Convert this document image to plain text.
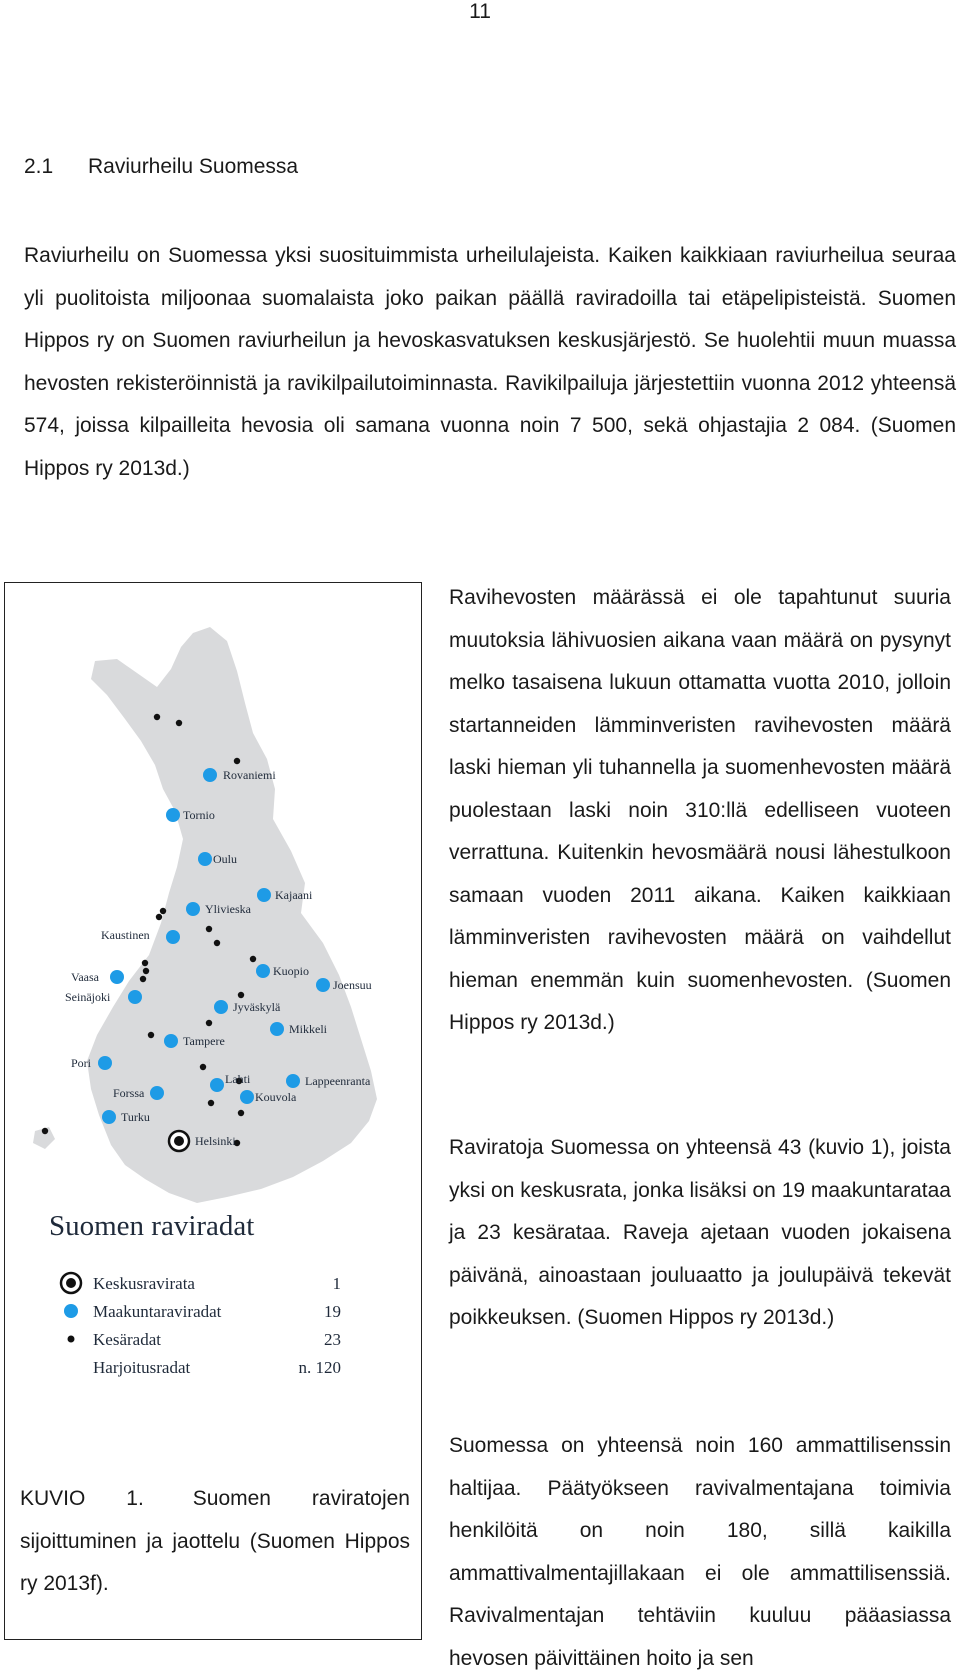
11
2.1 Raviurheilu Suomessa

Raviurheilu on Suomessa yksi suosituimmista urheilulajeista. Kaiken kaikkiaan raviurheilua seuraa yli puolitoista miljoonaa suomalaista joko paikan päällä raviradoilla tai etäpelipisteistä. Suomen Hippos ry on Suomen raviurheilun ja hevoskasvatuksen keskusjärjestö. Se huolehtii muun muassa hevosten rekisteröinnistä ja ravikilpailutoiminnasta. Ravikilpailuja järjestettiin vuonna 2012 yhteensä 574, joissa kilpailleita hevosia oli samana vuonna noin 7 500, sekä ohjastajia 2 084. (Suomen Hippos ry 2013d.)

Rovaniemi
Tornio
Oulu
Kajaani
Ylivieska
Kaustinen
Vaasa
Seinäjoki
Kuopio
Joensuu
Jyväskylä
Mikkeli
Tampere
Pori
Forssa
Lahti	Lappeenranta
Kouvola
Turku
Helsinki
Suomen raviradat
Keskusravirata	1
Maakuntaraviradat	19
Kesäradat	23
Harjoitusradat	n. 120

KUVIO 1. Suomen raviratojen sijoittuminen ja jaottelu (Suomen Hippos ry 2013f).

Ravihevosten määrässä ei ole tapahtunut suuria muutoksia lähivuosien aikana vaan määrä on pysynyt melko tasaisena lukuun ottamatta vuotta 2010, jolloin startanneiden lämminveristen ravihevosten määrä laski hieman yli tuhannella ja suomenhevosten määrä puolestaan laski noin 310:llä edelliseen vuoteen verrattuna. Kuitenkin hevosmäärä nousi lähestulkoon samaan vuoden 2011 aikana. Kaiken kaikkiaan lämminveristen ravihevosten määrä on vaihdellut hieman enemmän kuin suomenhevosten. (Suomen Hippos ry 2013d.)

Raviratoja Suomessa on yhteensä 43 (kuvio 1), joista yksi on keskusrata, jonka lisäksi on 19 maakuntarataa ja 23 kesärataa. Raveja ajetaan vuoden jokaisena päivänä, ainoastaan jouluaatto ja joulupäivä tekevät poikkeuksen. (Suomen Hippos ry 2013d.)

Suomessa on yhteensä noin 160 ammattilisenssin haltijaa. Päätyökseen ravivalmentajana toimivia henkilöitä on noin 180, sillä kaikilla ammattivalmentajillakaan ei ole ammattilisenssiä. Ravivalmentajan tehtäviin kuuluu pääasiassa hevosen päivittäinen hoito ja sen
